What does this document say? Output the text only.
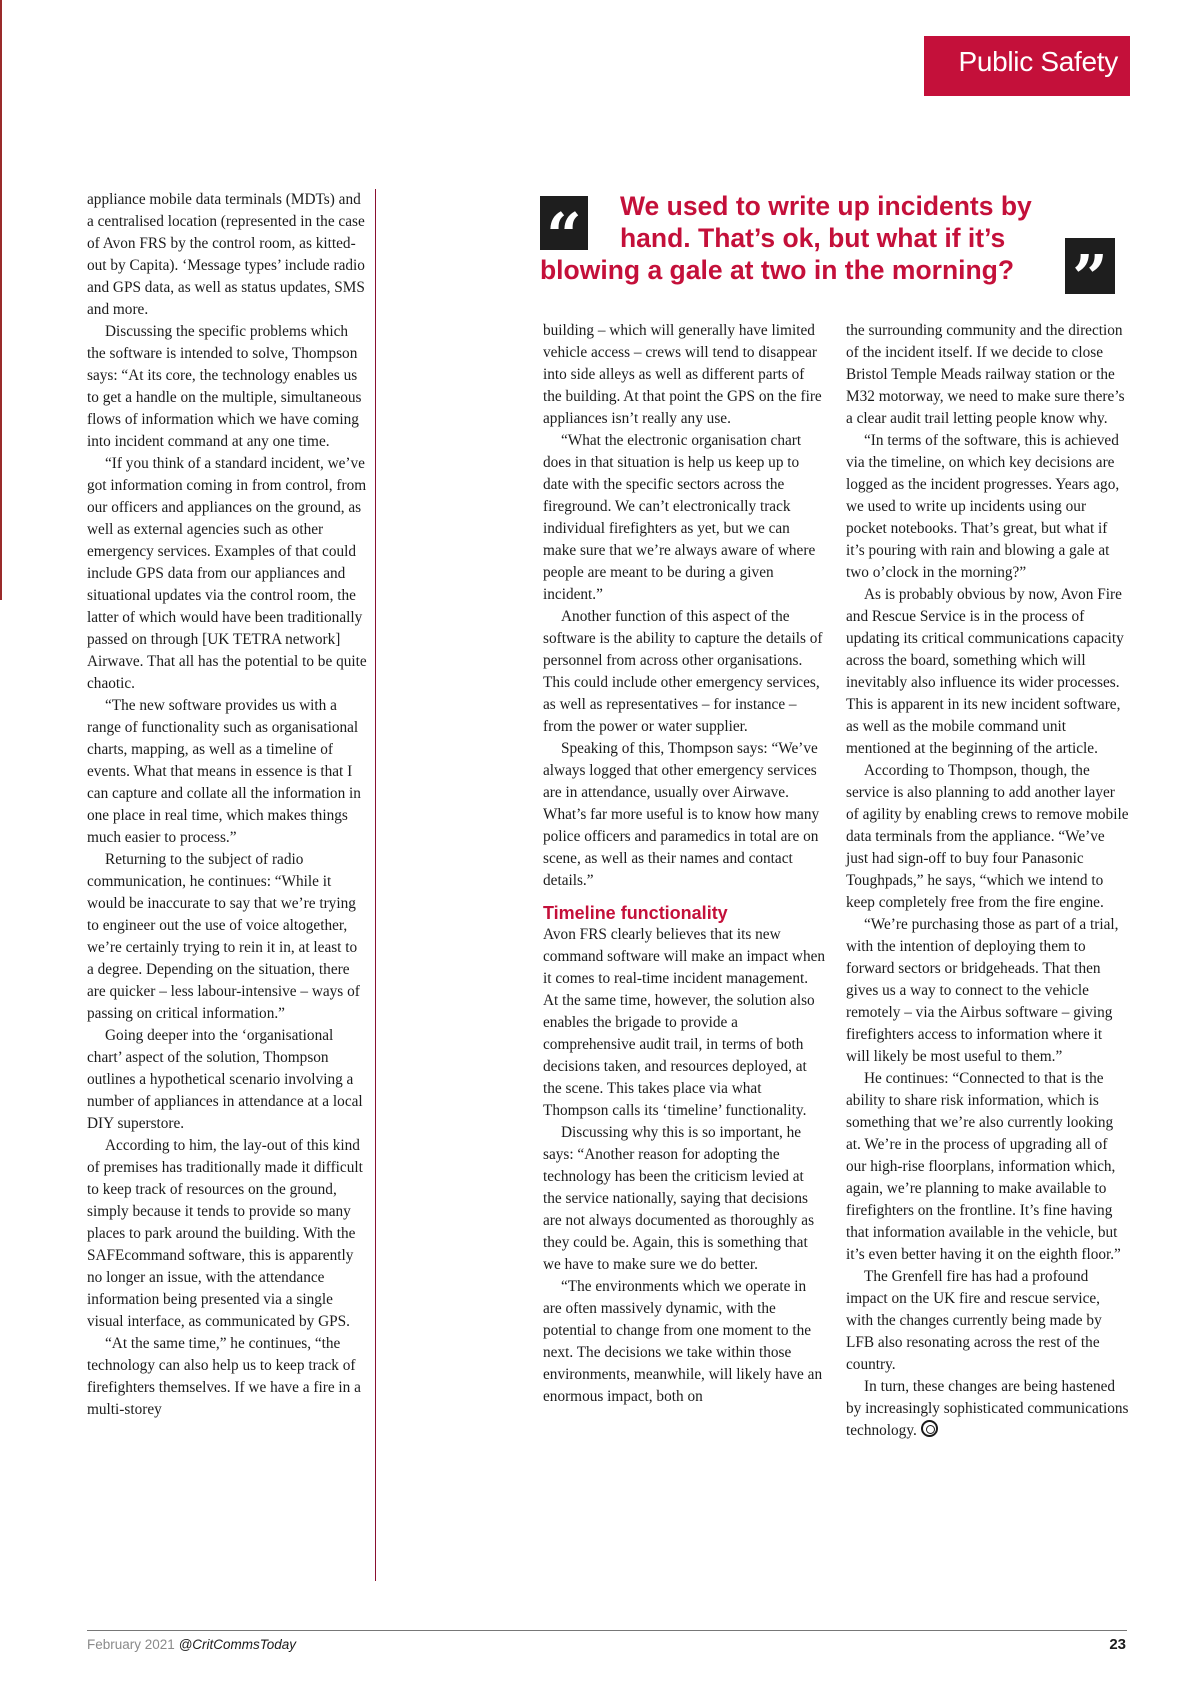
Public Safety

appliance mobile data terminals (MDTs) and a centralised location (represented in the case of Avon FRS by the control room, as kitted-out by Capita). ‘Message types’ include radio and GPS data, as well as status updates, SMS and more.

Discussing the specific problems which the software is intended to solve, Thompson says: “At its core, the technology enables us to get a handle on the multiple, simultaneous flows of information which we have coming into incident command at any one time.

“If you think of a standard incident, we’ve got information coming in from control, from our officers and appliances on the ground, as well as external agencies such as other emergency services. Examples of that could include GPS data from our appliances and situational updates via the control room, the latter of which would have been traditionally passed on through [UK TETRA network] Airwave. That all has the potential to be quite chaotic.

“The new software provides us with a range of functionality such as organisational charts, mapping, as well as a timeline of events. What that means in essence is that I can capture and collate all the information in one place in real time, which makes things much easier to process.”

Returning to the subject of radio communication, he continues: “While it would be inaccurate to say that we’re trying to engineer out the use of voice altogether, we’re certainly trying to rein it in, at least to a degree. Depending on the situation, there are quicker – less labour-intensive – ways of passing on critical information.”

Going deeper into the ‘organisational chart’ aspect of the solution, Thompson outlines a hypothetical scenario involving a number of appliances in attendance at a local DIY superstore.

According to him, the lay-out of this kind of premises has traditionally made it difficult to keep track of resources on the ground, simply because it tends to provide so many places to park around the building. With the SAFEcommand software, this is apparently no longer an issue, with the attendance information being presented via a single visual interface, as communicated by GPS.

“At the same time,” he continues, “the technology can also help us to keep track of firefighters themselves. If we have a fire in a multi-storey

“ We used to write up incidents by
hand. That’s ok, but what if it’s
blowing a gale at two in the morning? ”

building – which will generally have limited vehicle access – crews will tend to disappear into side alleys as well as different parts of the building. At that point the GPS on the fire appliances isn’t really any use.

“What the electronic organisation chart does in that situation is help us keep up to date with the specific sectors across the fireground. We can’t electronically track individual firefighters as yet, but we can make sure that we’re always aware of where people are meant to be during a given incident.”

Another function of this aspect of the software is the ability to capture the details of personnel from across other organisations. This could include other emergency services, as well as representatives – for instance – from the power or water supplier.

Speaking of this, Thompson says: “We’ve always logged that other emergency services are in attendance, usually over Airwave. What’s far more useful is to know how many police officers and paramedics in total are on scene, as well as their names and contact details.”

Timeline functionality

Avon FRS clearly believes that its new command software will make an impact when it comes to real-time incident management. At the same time, however, the solution also enables the brigade to provide a comprehensive audit trail, in terms of both decisions taken, and resources deployed, at the scene. This takes place via what Thompson calls its ‘timeline’ functionality.

Discussing why this is so important, he says: “Another reason for adopting the technology has been the criticism levied at the service nationally, saying that decisions are not always documented as thoroughly as they could be. Again, this is something that we have to make sure we do better.

“The environments which we operate in are often massively dynamic, with the potential to change from one moment to the next. The decisions we take within those environments, meanwhile, will likely have an enormous impact, both on

the surrounding community and the direction of the incident itself. If we decide to close Bristol Temple Meads railway station or the M32 motorway, we need to make sure there’s a clear audit trail letting people know why.

“In terms of the software, this is achieved via the timeline, on which key decisions are logged as the incident progresses. Years ago, we used to write up incidents using our pocket notebooks. That’s great, but what if it’s pouring with rain and blowing a gale at two o’clock in the morning?”

As is probably obvious by now, Avon Fire and Rescue Service is in the process of updating its critical communications capacity across the board, something which will inevitably also influence its wider processes. This is apparent in its new incident software, as well as the mobile command unit mentioned at the beginning of the article.

According to Thompson, though, the service is also planning to add another layer of agility by enabling crews to remove mobile data terminals from the appliance. “We’ve just had sign-off to buy four Panasonic Toughpads,” he says, “which we intend to keep completely free from the fire engine.

“We’re purchasing those as part of a trial, with the intention of deploying them to forward sectors or bridgeheads. That then gives us a way to connect to the vehicle remotely – via the Airbus software – giving firefighters access to information where it will likely be most useful to them.”

He continues: “Connected to that is the ability to share risk information, which is something that we’re also currently looking at. We’re in the process of upgrading all of our high-rise floorplans, information which, again, we’re planning to make available to firefighters on the frontline. It’s fine having that information available in the vehicle, but it’s even better having it on the eighth floor.”

The Grenfell fire has had a profound impact on the UK fire and rescue service, with the changes currently being made by LFB also resonating across the rest of the country.

In turn, these changes are being hastened by increasingly sophisticated communications technology.

February 2021 @CritCommsToday	23
